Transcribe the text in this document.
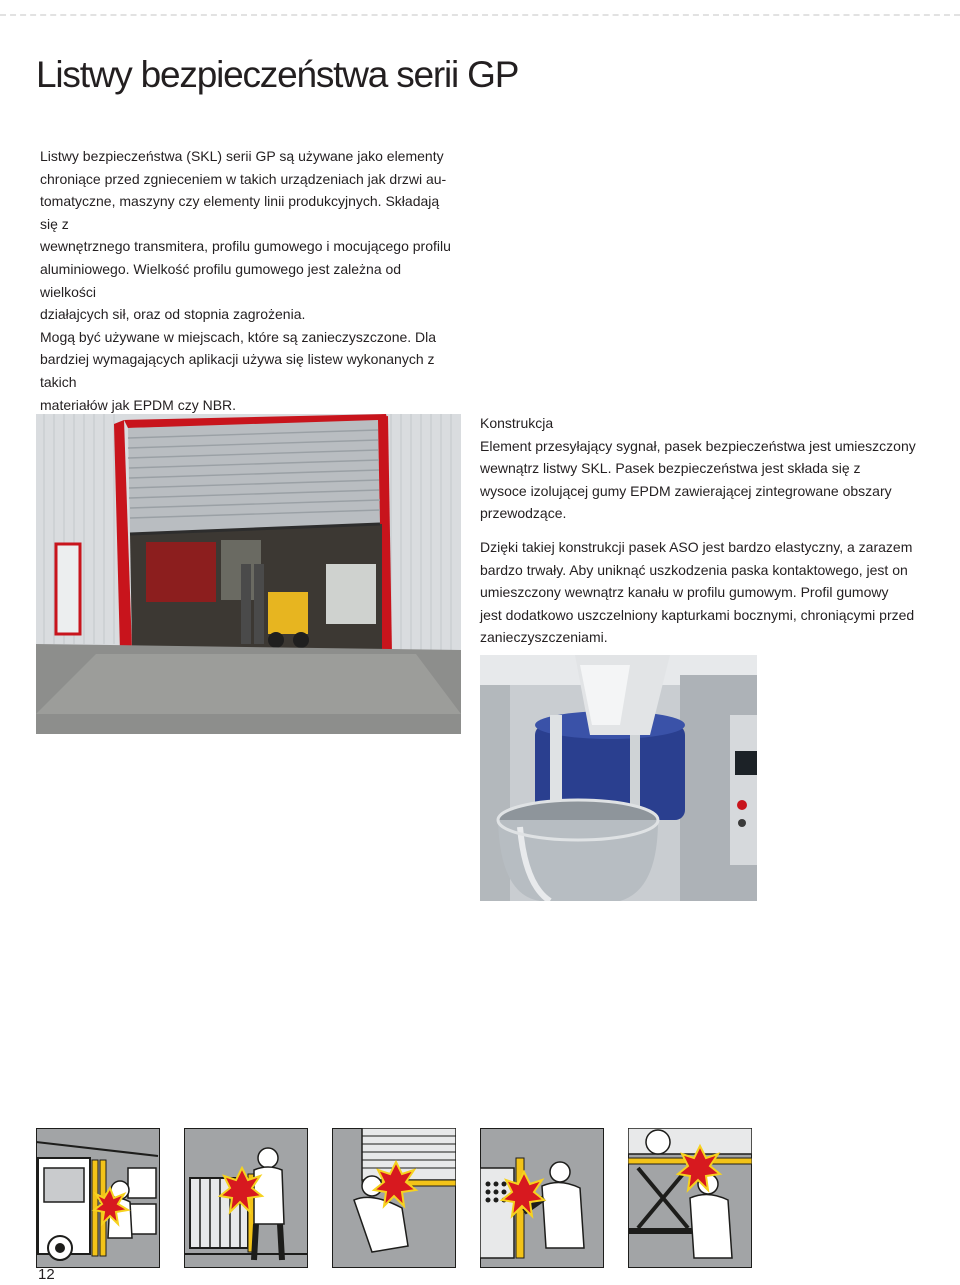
Listwy bezpieczeństwa serii GP

Listwy bezpieczeństwa (SKL) serii GP są używane jako elementy

chroniące przed zgnieceniem w takich urządzeniach jak drzwi au-

tomatyczne, maszyny czy elementy linii produkcyjnych. Składają się z

wewnętrznego transmitera, profilu gumowego i mocującego profilu

aluminiowego. Wielkość profilu gumowego jest zależna od wielkości

działajcych sił, oraz od stopnia zagrożenia.

Mogą być używane w miejscach, które są zanieczyszczone. Dla

bardziej wymagających aplikacji używa się listew wykonanych z takich

materiałów jak EPDM czy NBR.

Konstrukcja

Element przesyłający sygnał, pasek bezpieczeństwa jest umieszczony

wewnątrz listwy SKL. Pasek bezpieczeństwa jest składa się z

wysoce izolującej gumy EPDM zawierającej zintegrowane obszary

przewodzące.

Dzięki takiej konstrukcji pasek ASO jest bardzo elastyczny, a zarazem

bardzo trwały. Aby uniknąć uszkodzenia paska kontaktowego, jest on

umieszczony wewnątrz kanału w profilu gumowym. Profil gumowy

jest dodatkowo uszczelniony kapturkami bocznymi, chroniącymi przed

zanieczyszczeniami.

12
